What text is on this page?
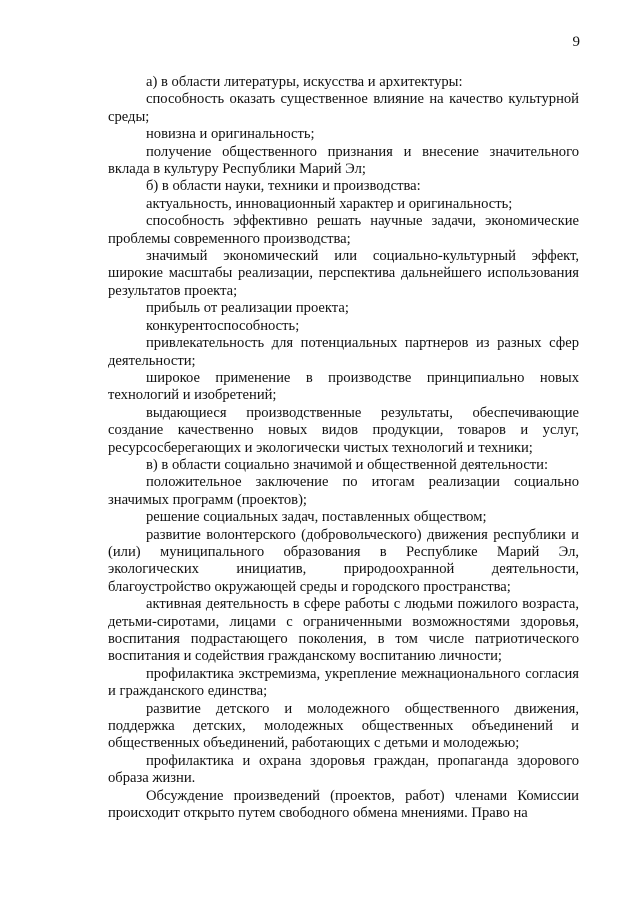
9

а) в области литературы, искусства и архитектуры:

способность оказать существенное влияние на качество культурной среды;

новизна и оригинальность;

получение общественного признания и внесение значительного вклада в культуру Республики Марий Эл;

б) в области науки, техники и производства:

актуальность, инновационный характер и оригинальность;

способность эффективно решать научные задачи, экономические проблемы современного производства;

значимый экономический или социально-культурный эффект, широкие масштабы реализации, перспектива дальнейшего использования результатов проекта;

прибыль от реализации проекта;

конкурентоспособность;

привлекательность для потенциальных партнеров из разных сфер деятельности;

широкое применение в производстве принципиально новых технологий и изобретений;

выдающиеся производственные результаты, обеспечивающие создание качественно новых видов продукции, товаров и услуг, ресурсосберегающих и экологически чистых технологий и техники;

в) в области социально значимой и общественной деятельности:

положительное заключение по итогам реализации социально значимых программ (проектов);

решение социальных задач, поставленных обществом;

развитие волонтерского (добровольческого) движения республики и (или) муниципального образования в Республике Марий Эл, экологических инициатив, природоохранной деятельности, благоустройство окружающей среды и городского пространства;

активная деятельность в сфере работы с людьми пожилого возраста, детьми-сиротами, лицами с ограниченными возможностями здоровья, воспитания подрастающего поколения, в том числе патриотического воспитания и содействия гражданскому воспитанию личности;

профилактика экстремизма, укрепление межнационального согласия и гражданского единства;

развитие детского и молодежного общественного движения, поддержка детских, молодежных общественных объединений и общественных объединений, работающих с детьми и молодежью;

профилактика и охрана здоровья граждан, пропаганда здорового образа жизни.

Обсуждение произведений (проектов, работ) членами Комиссии происходит открыто путем свободного обмена мнениями. Право на
